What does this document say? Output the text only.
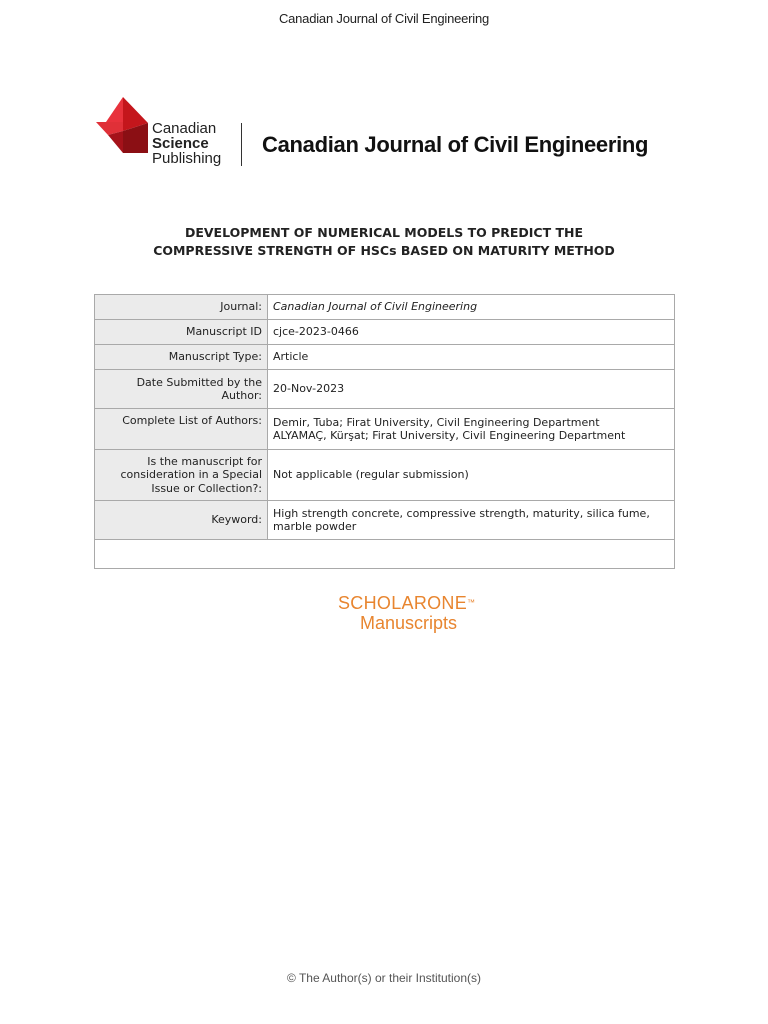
Canadian Journal of Civil Engineering
Canadian
Science
Publishing
Canadian Journal of Civil Engineering
DEVELOPMENT OF NUMERICAL MODELS TO PREDICT THE COMPRESSIVE STRENGTH OF HSCs BASED ON MATURITY METHOD
Journal:	Canadian Journal of Civil Engineering
Manuscript ID	cjce-2023-0466
Manuscript Type:	Article
Date Submitted by the Author:	20-Nov-2023
Complete List of Authors:	Demir, Tuba; Firat University, Civil Engineering Department
ALYAMAÇ, Kürşat; Firat University, Civil Engineering Department

Is the manuscript for consideration in a Special Issue or Collection?:	Not applicable (regular submission)
Keyword:	High strength concrete, compressive strength, maturity, silica fume, marble powder

SCHOLARONE™
Manuscripts
© The Author(s) or their Institution(s)
